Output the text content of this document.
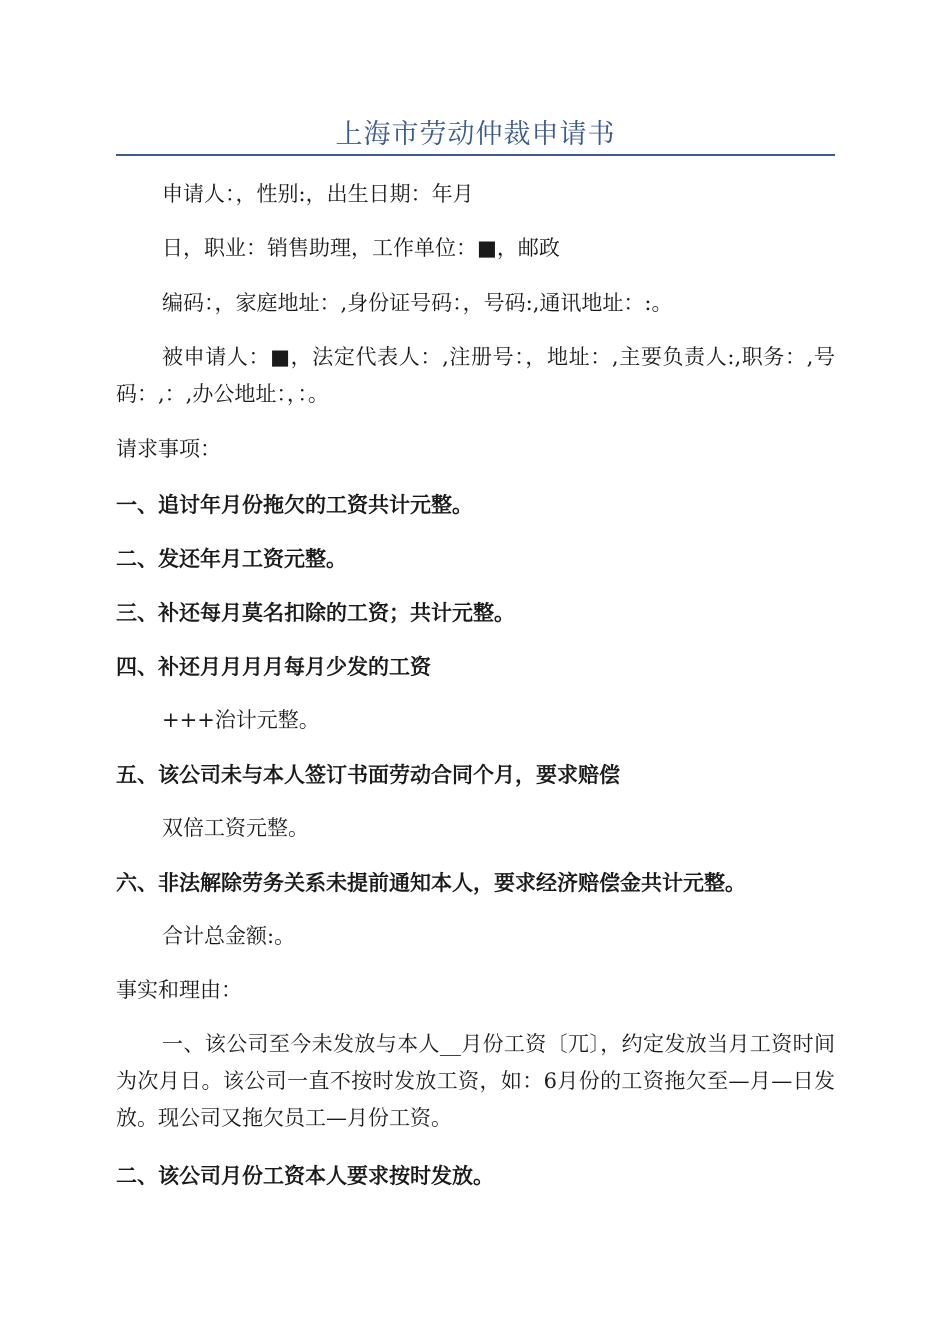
上海市劳动仲裁申请书
申请人：，性别:，出生日期：年月
日，职业：销售助理，工作单位：■，邮政
编码：，家庭地址：,身份证号码：，号码:,通讯地址：:。
被申请人：■，法定代表人：,注册号：，地址：,主要负责人:,职务：,号码：,：,办公地址：，：。
请求事项：
一、追讨年月份拖欠的工资共计元整。
二、发还年月工资元整。
三、补还每月莫名扣除的工资；共计元整。
四、补还月月月月每月少发的工资
+++治计元整。
五、该公司未与本人签订书面劳动合同个月，要求赔偿
双倍工资元整。
六、非法解除劳务关系未提前通知本人，要求经济赔偿金共计元整。
合计总金额:。
事实和理由：
一、该公司至今未发放与本人__月份工资〔兀〕，约定发放当月工资时间为次月日。该公司一直不按时发放工资，如：6月份的工资拖欠至—月—日发放。现公司又拖欠员工—月份工资。
二、该公司月份工资本人要求按时发放。
